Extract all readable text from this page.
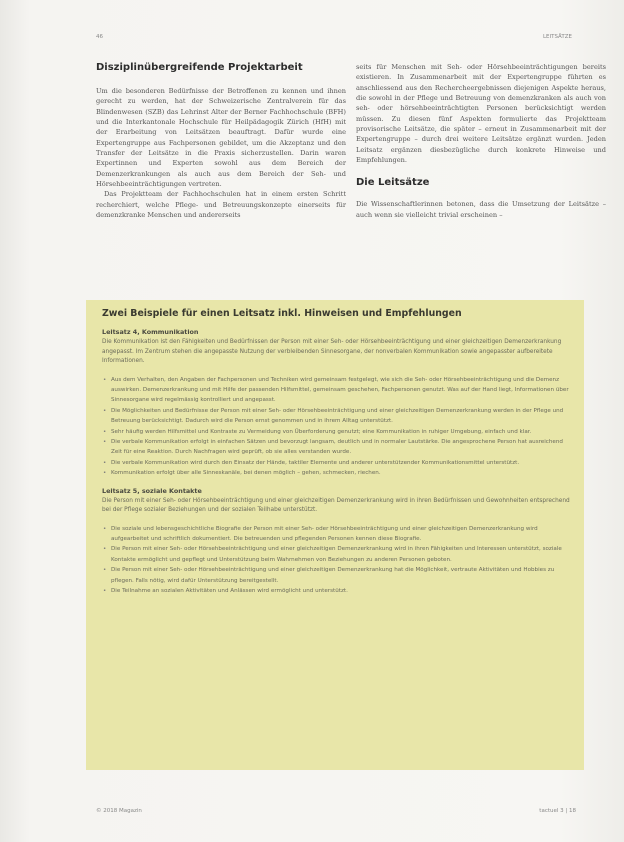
46	LEITSÄTZE
Disziplinübergreifende Projektarbeit

Um die besonderen Bedürfnisse der Betroffenen zu kennen und ihnen gerecht zu werden, hat der Schweizerische Zentralverein für das Blindenwesen (SZB) das Lehrinst Alter der Berner Fachhochschule (BFH) und die Interkantonale Hochschule für Heilpädagogik Zürich (HfH) mit der Erarbeitung von Leitsätzen beauftragt. Dafür wurde eine Expertengruppe aus Fachpersonen gebildet, um die Akzeptanz und den Transfer der Leitsätze in die Praxis sicherzustellen. Darin waren Expertinnen und Experten sowohl aus dem Bereich der Demenzerkrankungen als auch aus dem Bereich der Seh- und Hörsehbeeinträchtigungen vertreten.

Das Projektteam der Fachhochschulen hat in einem ersten Schritt recherchiert, welche Pflege- und Betreuungskonzepte einerseits für demenzkranke Menschen und andererseits

seits für Menschen mit Seh- oder Hörsehbeeinträchtigungen bereits existieren. In Zusammenarbeit mit der Expertengruppe führten es anschliessend aus den Rechercheergebnissen diejenigen Aspekte heraus, die sowohl in der Pflege und Betreuung von demenzkranken als auch von seh- oder hörsehbeeinträchtigten Personen berücksichtigt werden müssen. Zu diesen fünf Aspekten formulierte das Projektteam provisorische Leitsätze, die später – erneut in Zusammenarbeit mit der Expertengruppe – durch drei weitere Leitsätze ergänzt wurden. Jeden Leitsatz ergänzen diesbezügliche durch konkrete Hinweise und Empfehlungen.

Die Leitsätze

Die Wissenschaftlerinnen betonen, dass die Umsetzung der Leitsätze – auch wenn sie vielleicht trivial erscheinen –

Zwei Beispiele für einen Leitsatz inkl. Hinweisen und Empfehlungen
Leitsatz 4, Kommunikation

Die Kommunikation ist den Fähigkeiten und Bedürfnissen der Person mit einer Seh- oder Hörsehbeeinträchtigung und einer gleichzeitigen Demenzerkrankung angepasst. Im Zentrum stehen die angepasste Nutzung der verbleibenden Sinnesorgane, der nonverbalen Kommunikation sowie angepasster aufbereitete Informationen.

• Aus dem Verhalten, den Angaben der Fachpersonen und Techniken wird gemeinsam festgelegt, wie sich die Seh- oder Hörsehbeeinträchtigung und die Demenz auswirken. Demenzerkrankung und mit Hilfe der passenden Hilfsmittel, gemeinsam geschehen, Fachpersonen genutzt. Was auf der Hand liegt, Informationen über Sinnesorgane wird regelmässig kontrolliert und angepasst.
• Die Möglichkeiten und Bedürfnisse der Person mit einer Seh- oder Hörsehbeeinträchtigung und einer gleichzeitigen Demenzerkrankung werden in der Pflege und Betreuung berücksichtigt. Dadurch wird die Person ernst genommen und in ihrem Alltag unterstützt.
• Sehr häufig werden Hilfsmittel und Kontraste zu Vermeidung von Überforderung genutzt; eine Kommunikation in ruhiger Umgebung, einfach und klar.
• Die verbale Kommunikation erfolgt in einfachen Sätzen und bevorzugt langsam, deutlich und in normaler Lautstärke. Die angesprochene Person hat ausreichend Zeit für eine Reaktion. Durch Nachfragen wird geprüft, ob sie alles verstanden wurde.
• Die verbale Kommunikation wird durch den Einsatz der Hände, taktiler Elemente und anderer unterstützender Kommunikationsmittel unterstützt.
• Kommunikation erfolgt über alle Sinneskanäle, bei denen möglich – gehen, schmecken, riechen.
Leitsatz 5, soziale Kontakte

Die Person mit einer Seh- oder Hörsehbeeinträchtigung und einer gleichzeitigen Demenzerkrankung wird in ihren Bedürfnissen und Gewohnheiten entsprechend bei der Pflege sozialer Beziehungen und der sozialen Teilhabe unterstützt.

• Die soziale und lebensgeschichtliche Biografie der Person mit einer Seh- oder Hörsehbeeinträchtigung und einer gleichzeitigen Demenzerkrankung wird aufgearbeitet und schriftlich dokumentiert. Die betreuenden und pflegenden Personen kennen diese Biografie.
• Die Person mit einer Seh- oder Hörsehbeeinträchtigung und einer gleichzeitigen Demenzerkrankung wird in ihren Fähigkeiten und Interessen unterstützt, soziale Kontakte ermöglicht und gepflegt und Unterstützung beim Wahrnehmen von Beziehungen zu anderen Personen geboten.
• Die Person mit einer Seh- oder Hörsehbeeinträchtigung und einer gleichzeitigen Demenzerkrankung hat die Möglichkeit, vertraute Aktivitäten und Hobbies zu pflegen. Falls nötig, wird dafür Unterstützung bereitgestellt.
• Die Teilnahme an sozialen Aktivitäten und Anlässen wird ermöglicht und unterstützt.
© 2018 Magazin	tactuel 3 | 18
